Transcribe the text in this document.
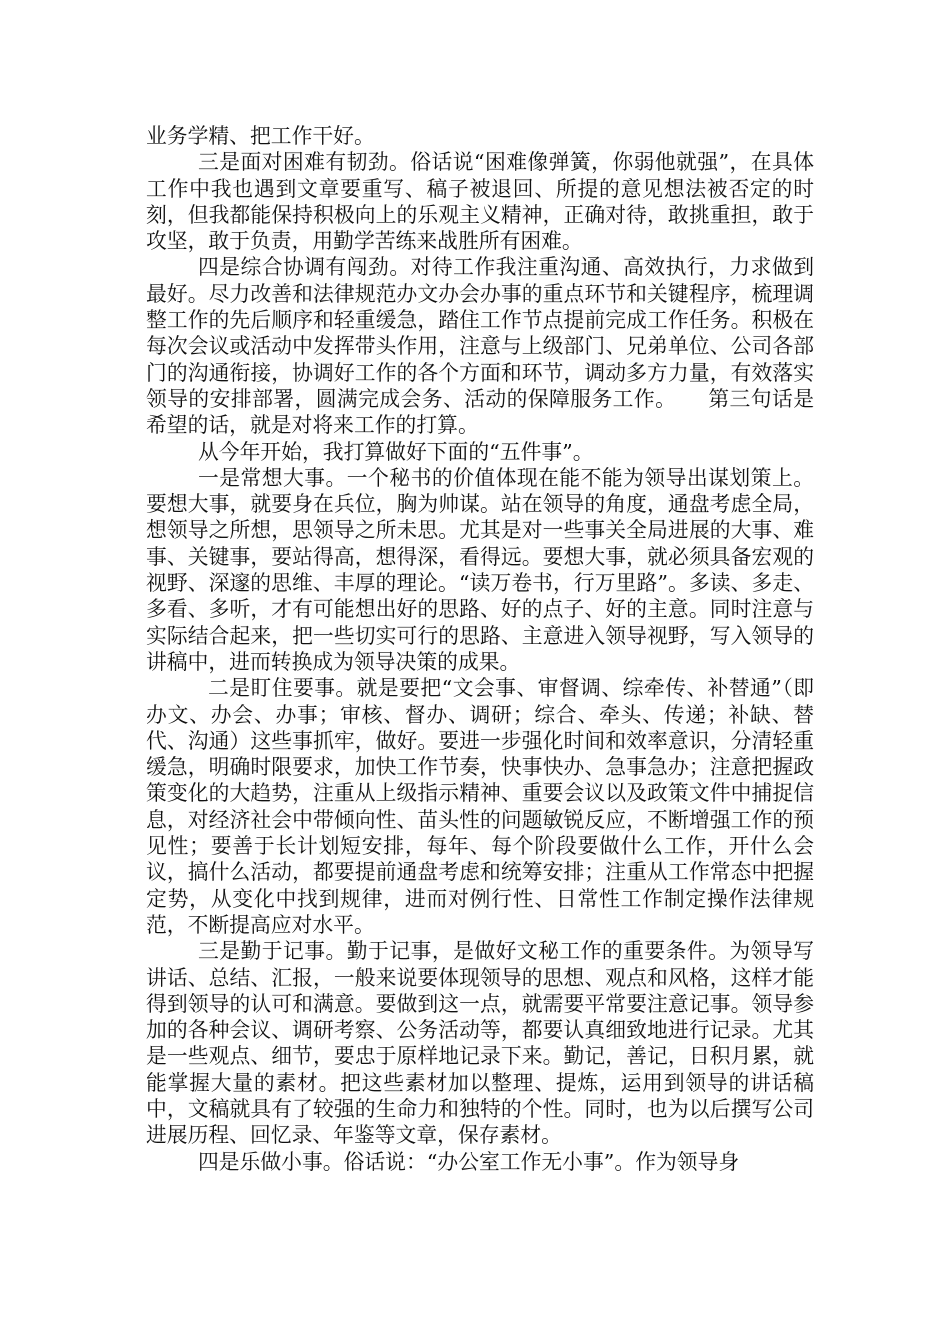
业务学精、把工作干好。

三是面对困难有韧劲。俗话说“困难像弹簧，你弱他就强”，在具体工作中我也遇到文章要重写、稿子被退回、所提的意见想法被否定的时刻，但我都能保持积极向上的乐观主义精神，正确对待，敢挑重担，敢于攻坚，敢于负责，用勤学苦练来战胜所有困难。

四是综合协调有闯劲。对待工作我注重沟通、高效执行，力求做到最好。尽力改善和法律规范办文办会办事的重点环节和关键程序，梳理调整工作的先后顺序和轻重缓急，踏住工作节点提前完成工作任务。积极在每次会议或活动中发挥带头作用，注意与上级部门、兄弟单位、公司各部门的沟通衔接，协调好工作的各个方面和环节，调动多方力量，有效落实领导的安排部署，圆满完成会务、活动的保障服务工作。　　第三句话是希望的话，就是对将来工作的打算。

从今年开始，我打算做好下面的“五件事”。

一是常想大事。一个秘书的价值体现在能不能为领导出谋划策上。要想大事，就要身在兵位，胸为帅谋。站在领导的角度，通盘考虑全局，想领导之所想，思领导之所未思。尤其是对一些事关全局进展的大事、难事、关键事，要站得高，想得深，看得远。要想大事，就必须具备宏观的视野、深邃的思维、丰厚的理论。“读万卷书，行万里路”。多读、多走、多看、多听，才有可能想出好的思路、好的点子、好的主意。同时注意与实际结合起来，把一些切实可行的思路、主意进入领导视野，写入领导的讲稿中，进而转换成为领导决策的成果。

二是盯住要事。就是要把“文会事、审督调、综牵传、补替通”（即办文、办会、办事；审核、督办、调研；综合、牵头、传递；补缺、替代、沟通）这些事抓牢，做好。要进一步强化时间和效率意识，分清轻重缓急，明确时限要求，加快工作节奏，快事快办、急事急办；注意把握政策变化的大趋势，注重从上级指示精神、重要会议以及政策文件中捕捉信息，对经济社会中带倾向性、苗头性的问题敏锐反应，不断增强工作的预见性；要善于长计划短安排，每年、每个阶段要做什么工作，开什么会议，搞什么活动，都要提前通盘考虑和统筹安排；注重从工作常态中把握定势，从变化中找到规律，进而对例行性、日常性工作制定操作法律规范，不断提高应对水平。

三是勤于记事。勤于记事，是做好文秘工作的重要条件。为领导写讲话、总结、汇报，一般来说要体现领导的思想、观点和风格，这样才能得到领导的认可和满意。要做到这一点，就需要平常要注意记事。领导参加的各种会议、调研考察、公务活动等，都要认真细致地进行记录。尤其是一些观点、细节，要忠于原样地记录下来。勤记，善记，日积月累，就能掌握大量的素材。把这些素材加以整理、提炼，运用到领导的讲话稿中，文稿就具有了较强的生命力和独特的个性。同时，也为以后撰写公司进展历程、回忆录、年鉴等文章，保存素材。

四是乐做小事。俗话说：“办公室工作无小事”。作为领导身
